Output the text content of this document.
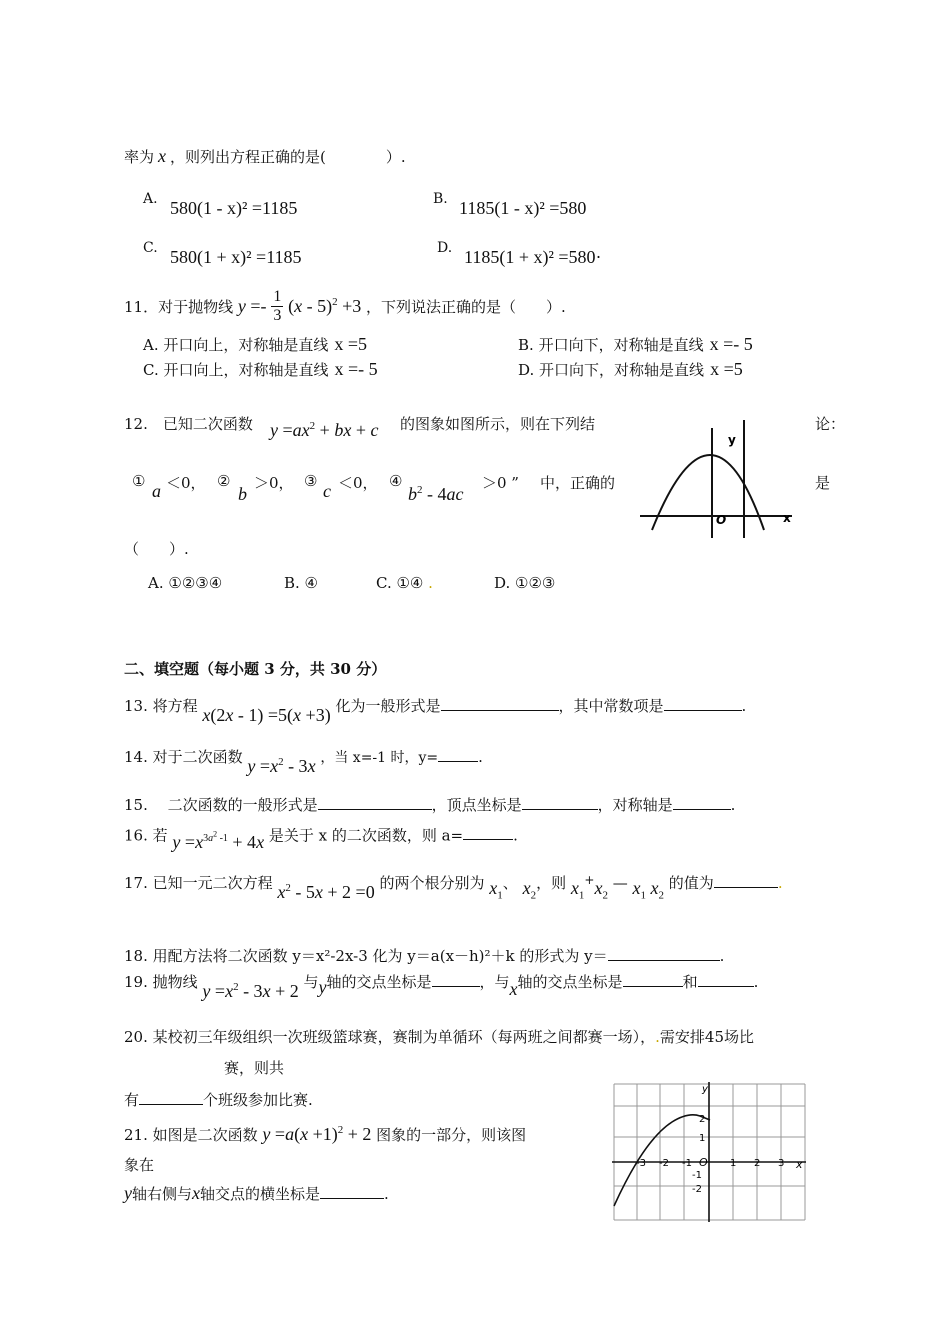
率为 x ，则列出方程正确的是(　　　　）.
A. 580(1 - x)² =1185	B. 1185(1 - x)² =580
C. 580(1 + x)² =1185	D. 1185(1 + x)² =580·
11．对于抛物线 $y =- \frac{1}{3} (x - 5)^2 +3$ ，下列说法正确的是（　　）.
A. 开口向上，对称轴是直线 x =5	B. 开口向下，对称轴是直线 x =- 5
C. 开口向上，对称轴是直线 x =- 5	D. 开口向下，对称轴是直线 x =5
12.　已知二次函数 $y =ax^2$ + bx + c 的图象如图所示，则在下列结	论：
① a ＜0， ②
b
＞0， ③ c ＜0， ④
$b^2 - 4ac$
＞0 ” 中，正确的	是
（　　）.
A. ①②③④	B. ④	C. ①④ .	D. ①②③
y
O	x
二、填空题（每小题 3 分，共 30 分）
13. 将方程 x(2x - 1) =5(x +3) 化为一般形式是	，其中常数项是	.
14. 对于二次函数 $y =x^2 - 3x$ ，当 x=-1 时，y=	.
15.　 二次函数的一般形式是	，顶点坐标是	，对称轴是	.
16. 若 $y =x^{3a^2 -1} + 4x$ 是关于 x 的二次函数，则 a=	.
17. 已知一元二次方程 $x^2 - 5x + 2 =0$ 的两个根分别为 $x_1$、 $x_2$，则 $x_1^+x_2$ — $x_1$ $x_2$ 的值为	.
18. 用配方法将二次函数 y＝x²-2x-3 化为 y＝a(x－h)²＋k 的形式为 y＝	.
19. 抛物线 $y =x^2 - 3x + 2$ 与y轴的交点坐标是	，与x轴的交点坐标是	和	.
20. 某校初三年级组织一次班级篮球赛，赛制为单循环（每两班之间都赛一场），.需安排45场比
赛，则共
有	个班级参加比赛.
21. 如图是二次函数 $y =a(x +1)^2 + 2$ 图象的一部分，则该图
象在
y轴右侧与x轴交点的横坐标是	.
y
x
O
-3 -2 -1	1 2 3
2
1
-1
-2
